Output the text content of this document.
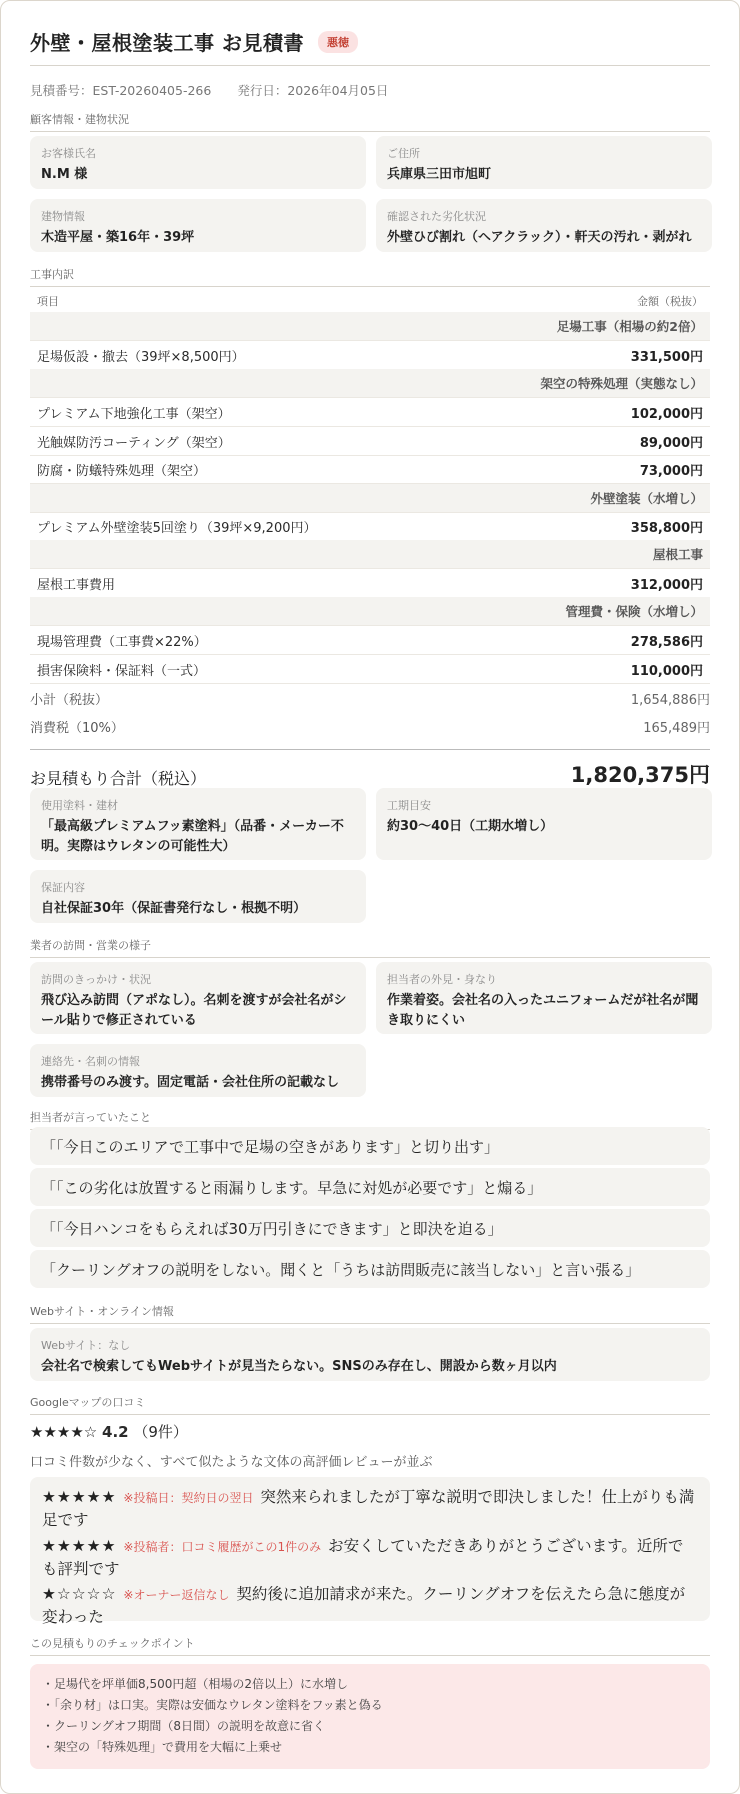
外壁・屋根塗装工事 お見積書	悪徳
見積番号：EST-20260405-266 発行日：2026年04月05日
顧客情報・建物状況
お客様氏名
N.M 様
ご住所
兵庫県三田市旭町
建物情報
木造平屋・築16年・39坪
確認された劣化状況
外壁ひび割れ（ヘアクラック）・軒天の汚れ・剥がれ
工事内訳
項目	金額（税抜）
足場工事（相場の約2倍）
足場仮設・撤去（39坪×8,500円）	331,500円
架空の特殊処理（実態なし）
プレミアム下地強化工事（架空）	102,000円
光触媒防汚コーティング（架空）	89,000円
防腐・防蟻特殊処理（架空）	73,000円
外壁塗装（水増し）
プレミアム外壁塗装5回塗り（39坪×9,200円）	358,800円
屋根工事
屋根工事費用	312,000円
管理費・保険（水増し）
現場管理費（工事費×22%）	278,586円
損害保険料・保証料（一式）	110,000円
小計（税抜）	1,654,886円
消費税（10%）	165,489円
お見積もり合計（税込）	1,820,375円
使用塗料・建材
「最高級プレミアムフッ素塗料」（品番・メーカー不明。実際はウレタンの可能性大）
工期目安
約30〜40日（工期水増し）
保証内容
自社保証30年（保証書発行なし・根拠不明）
業者の訪問・営業の様子
訪問のきっかけ・状況
飛び込み訪問（アポなし）。名刺を渡すが会社名がシール貼りで修正されている
担当者の外見・身なり
作業着姿。会社名の入ったユニフォームだが社名が聞き取りにくい
連絡先・名刺の情報
携帯番号のみ渡す。固定電話・会社住所の記載なし
担当者が言っていたこと
「「今日このエリアで工事中で足場の空きがあります」と切り出す」
「「この劣化は放置すると雨漏りします。早急に対処が必要です」と煽る」
「「今日ハンコをもらえれば30万円引きにできます」と即決を迫る」
「クーリングオフの説明をしない。聞くと「うちは訪問販売に該当しない」と言い張る」
Webサイト・オンライン情報
Webサイト：なし
会社名で検索してもWebサイトが見当たらない。SNSのみ存在し、開設から数ヶ月以内
Googleマップの口コミ
★★★★☆ 4.2 （9件）
口コミ件数が少なく、すべて似たような文体の高評価レビューが並ぶ
★★★★★ ※投稿日：契約日の翌日 突然来られましたが丁寧な説明で即決しました！仕上がりも満足です
★★★★★ ※投稿者：口コミ履歴がこの1件のみ お安くしていただきありがとうございます。近所でも評判です
★☆☆☆☆ ※オーナー返信なし 契約後に追加請求が来た。クーリングオフを伝えたら急に態度が変わった
この見積もりのチェックポイント
・足場代を坪単価8,500円超（相場の2倍以上）に水増し
・「余り材」は口実。実際は安価なウレタン塗料をフッ素と偽る
・クーリングオフ期間（8日間）の説明を故意に省く
・架空の「特殊処理」で費用を大幅に上乗せ
